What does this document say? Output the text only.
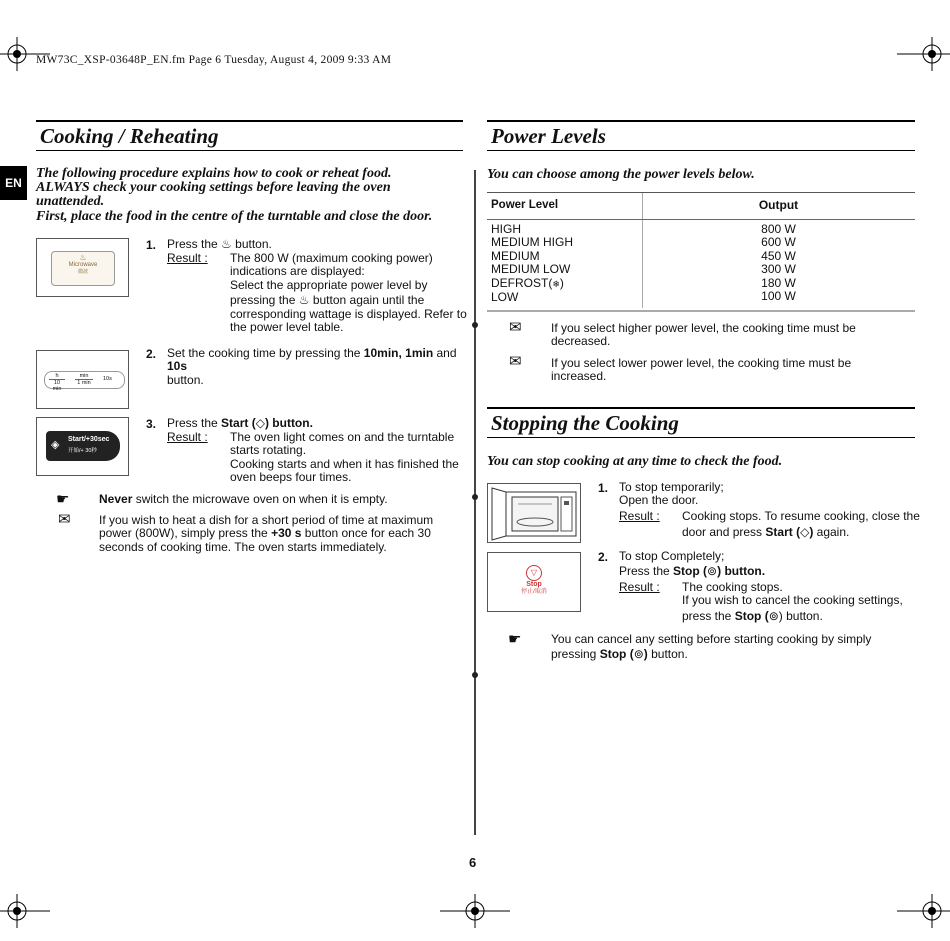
MW73C_XSP-03648P_EN.fm Page 6 Tuesday, August 4, 2009 9:33 AM
EN
Cooking / Reheating
The following procedure explains how to cook or reheat food.
ALWAYS check your cooking settings before leaving the oven
unattended.
First, place the food in the centre of the turntable and close the door.
♨
Microwave
微波
1. Press the ♨ button.
Result : The 800 W (maximum cooking power)
indications are displayed:
Select the appropriate power level by
pressing the ♨ button again until the
corresponding wattage is displayed. Refer to
the power level table.
h
10 min
min
1 min
10s
2. Set the cooking time by pressing the 10min, 1min and 10s
button.
◈ Start/+30sec
开始/+ 30秒
3. Press the Start (◇) button.
Result : The oven light comes on and the turntable
starts rotating.
Cooking starts and when it has finished the
oven beeps four times.
☛ Never switch the microwave oven on when it is empty.
✉ If you wish to heat a dish for a short period of time at maximum
power (800W), simply press the +30 s button once for each 30
seconds of cooking time. The oven starts immediately.
Power Levels
You can choose among the power levels below.
Power Level	Output
HIGH
MEDIUM HIGH
MEDIUM
MEDIUM LOW
DEFROST(❄)
LOW
800 W
600 W
450 W
300 W
180 W
100 W
✉ If you select higher power level, the cooking time must be
decreased.
✉ If you select lower power level, the cooking time must be
increased.
Stopping the Cooking
You can stop cooking at any time to check the food.
1. To stop temporarily;
Open the door.
Result : Cooking stops. To resume cooking, close the
door and press Start (◇) again.
▽
Stop
停止/取消
2. To stop Completely;
Press the Stop (⊚) button.
Result : The cooking stops.
If you wish to cancel the cooking settings,
press the Stop (⊚) button.
☛ You can cancel any setting before starting cooking by simply
pressing Stop (⊚) button.
6
